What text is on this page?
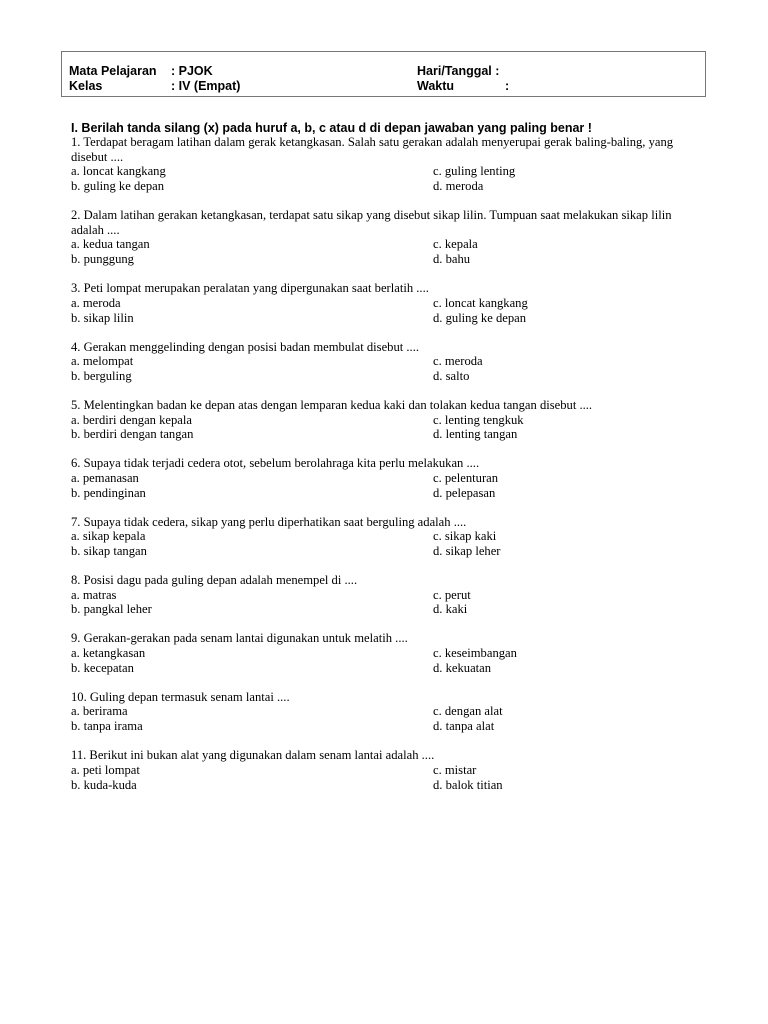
Mata Pelajaran : PJOK	Hari/Tanggal :
Kelas	: IV (Empat)	Waktu	:
I. Berilah tanda silang (x) pada huruf a, b, c atau d di depan jawaban yang paling benar !
1. Terdapat beragam latihan dalam gerak ketangkasan. Salah satu gerakan adalah menyerupai gerak baling-baling, yang disebut ....
a. loncat kangkang	c. guling lenting
b. guling ke depan	d. meroda
2. Dalam latihan gerakan ketangkasan, terdapat satu sikap yang disebut sikap lilin. Tumpuan saat melakukan sikap lilin adalah ....
a. kedua tangan	c. kepala
b. punggung	d. bahu
3. Peti lompat merupakan peralatan yang dipergunakan saat berlatih ....
a. meroda	c. loncat kangkang
b. sikap lilin	d. guling ke depan
4. Gerakan menggelinding dengan posisi badan membulat disebut ....
a. melompat	c. meroda
b. berguling	d. salto
5. Melentingkan badan ke depan atas dengan lemparan kedua kaki dan tolakan kedua tangan disebut ....
a. berdiri dengan kepala	c. lenting tengkuk
b. berdiri dengan tangan	d. lenting tangan
6. Supaya tidak terjadi cedera otot, sebelum berolahraga kita perlu melakukan ....
a. pemanasan	c. pelenturan
b. pendinginan	d. pelepasan
7. Supaya tidak cedera, sikap yang perlu diperhatikan saat berguling adalah ....
a. sikap kepala	c. sikap kaki
b. sikap tangan	d. sikap leher
8. Posisi dagu pada guling depan adalah menempel di ....
a. matras	c. perut
b. pangkal leher	d. kaki
9. Gerakan-gerakan pada senam lantai digunakan untuk melatih ....
a. ketangkasan	c. keseimbangan
b. kecepatan	d. kekuatan
10. Guling depan termasuk senam lantai ....
a. berirama	c. dengan alat
b. tanpa irama	d. tanpa alat
11. Berikut ini bukan alat yang digunakan dalam senam lantai adalah ....
a. peti lompat	c. mistar
b. kuda-kuda	d. balok titian
